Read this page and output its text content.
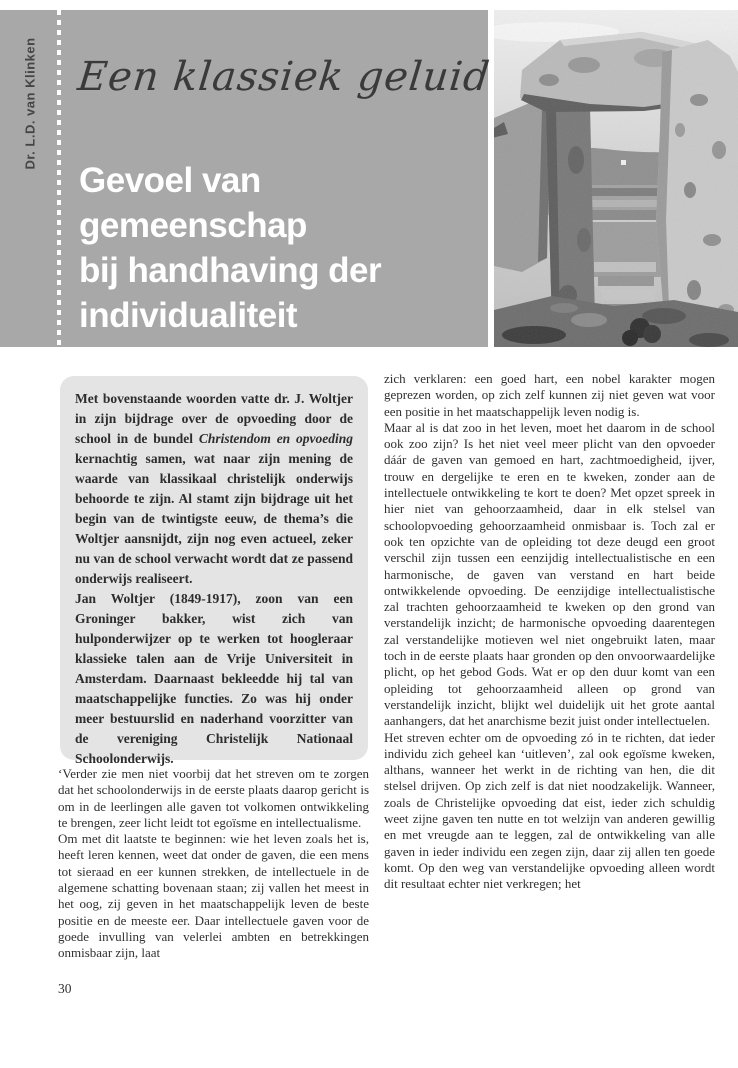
Een klassiek geluid
Gevoel van gemeenschap
bij handhaving der
individualiteit
Dr. L.D. van Klinken

Met bovenstaande woorden vatte dr. J. Woltjer in zijn bijdrage over de opvoeding door de school in de bundel Christendom en opvoeding kernachtig samen, wat naar zijn mening de waarde van klassikaal christelijk onderwijs behoorde te zijn. Al stamt zijn bijdrage uit het begin van de twintigste eeuw, de thema’s die Woltjer aansnijdt, zijn nog even actueel, zeker nu van de school verwacht wordt dat ze passend onderwijs realiseert.

Jan Woltjer (1849-1917), zoon van een Groninger bakker, wist zich van hulponderwijzer op te werken tot hoogleraar klassieke talen aan de Vrije Universiteit in Amsterdam. Daarnaast bekleedde hij tal van maatschappelijke functies. Zo was hij onder meer bestuurslid en naderhand voorzitter van de vereniging Christelijk Nationaal Schoolonderwijs.

‘Verder zie men niet voorbij dat het streven om te zorgen dat het schoolonderwijs in de eerste plaats daarop gericht is om in de leerlingen alle gaven tot volkomen ontwikkeling te brengen, zeer licht leidt tot egoïsme en intellectualisme.

Om met dit laatste te beginnen: wie het leven zoals het is, heeft leren kennen, weet dat onder de gaven, die een mens tot sieraad en eer kunnen strekken, de intellectuele in de algemene schatting bovenaan staan; zij vallen het meest in het oog, zij geven in het maatschappelijk leven de beste positie en de meeste eer. Daar intellectuele gaven voor de goede invulling van velerlei ambten en betrekkingen onmisbaar zijn, laat

zich verklaren: een goed hart, een nobel karakter mogen geprezen worden, op zich zelf kunnen zij niet geven wat voor een positie in het maatschappelijk leven nodig is.

Maar al is dat zoo in het leven, moet het daarom in de school ook zoo zijn? Is het niet veel meer plicht van den opvoeder dáár de gaven van gemoed en hart, zachtmoedigheid, ijver, trouw en dergelijke te eren en te kweken, zonder aan de intellectuele ontwikkeling te kort te doen? Met opzet spreek in hier niet van gehoorzaamheid, daar in elk stelsel van schoolopvoeding gehoorzaamheid onmisbaar is. Toch zal er ook ten opzichte van de opleiding tot deze deugd een groot verschil zijn tussen een eenzijdig intellectualistische en een harmonische, de gaven van verstand en hart beide ontwikkelende opvoeding. De eenzijdige intellectualistische zal trachten gehoorzaamheid te kweken op den grond van verstandelijk inzicht; de harmonische opvoeding daarentegen zal verstandelijke motieven wel niet ongebruikt laten, maar toch in de eerste plaats haar gronden op den onvoorwaardelijke plicht, op het gebod Gods. Wat er op den duur komt van een opleiding tot gehoorzaamheid alleen op grond van verstandelijk inzicht, blijkt wel duidelijk uit het grote aantal aanhangers, dat het anarchisme bezit juist onder intellectuelen.

Het streven echter om de opvoeding zó in te richten, dat ieder individu zich geheel kan ‘uitleven’, zal ook egoïsme kweken, althans, wanneer het werkt in de richting van hen, die dit stelsel drijven. Op zich zelf is dat niet noodzakelijk. Wanneer, zoals de Christelijke opvoeding dat eist, ieder zich schuldig weet zijne gaven ten nutte en tot welzijn van anderen gewillig en met vreugde aan te leggen, zal de ontwikkeling van alle gaven in ieder individu een zegen zijn, daar zij allen ten goede komt. Op den weg van verstandelijke opvoeding alleen wordt dit resultaat echter niet verkregen; het

30
